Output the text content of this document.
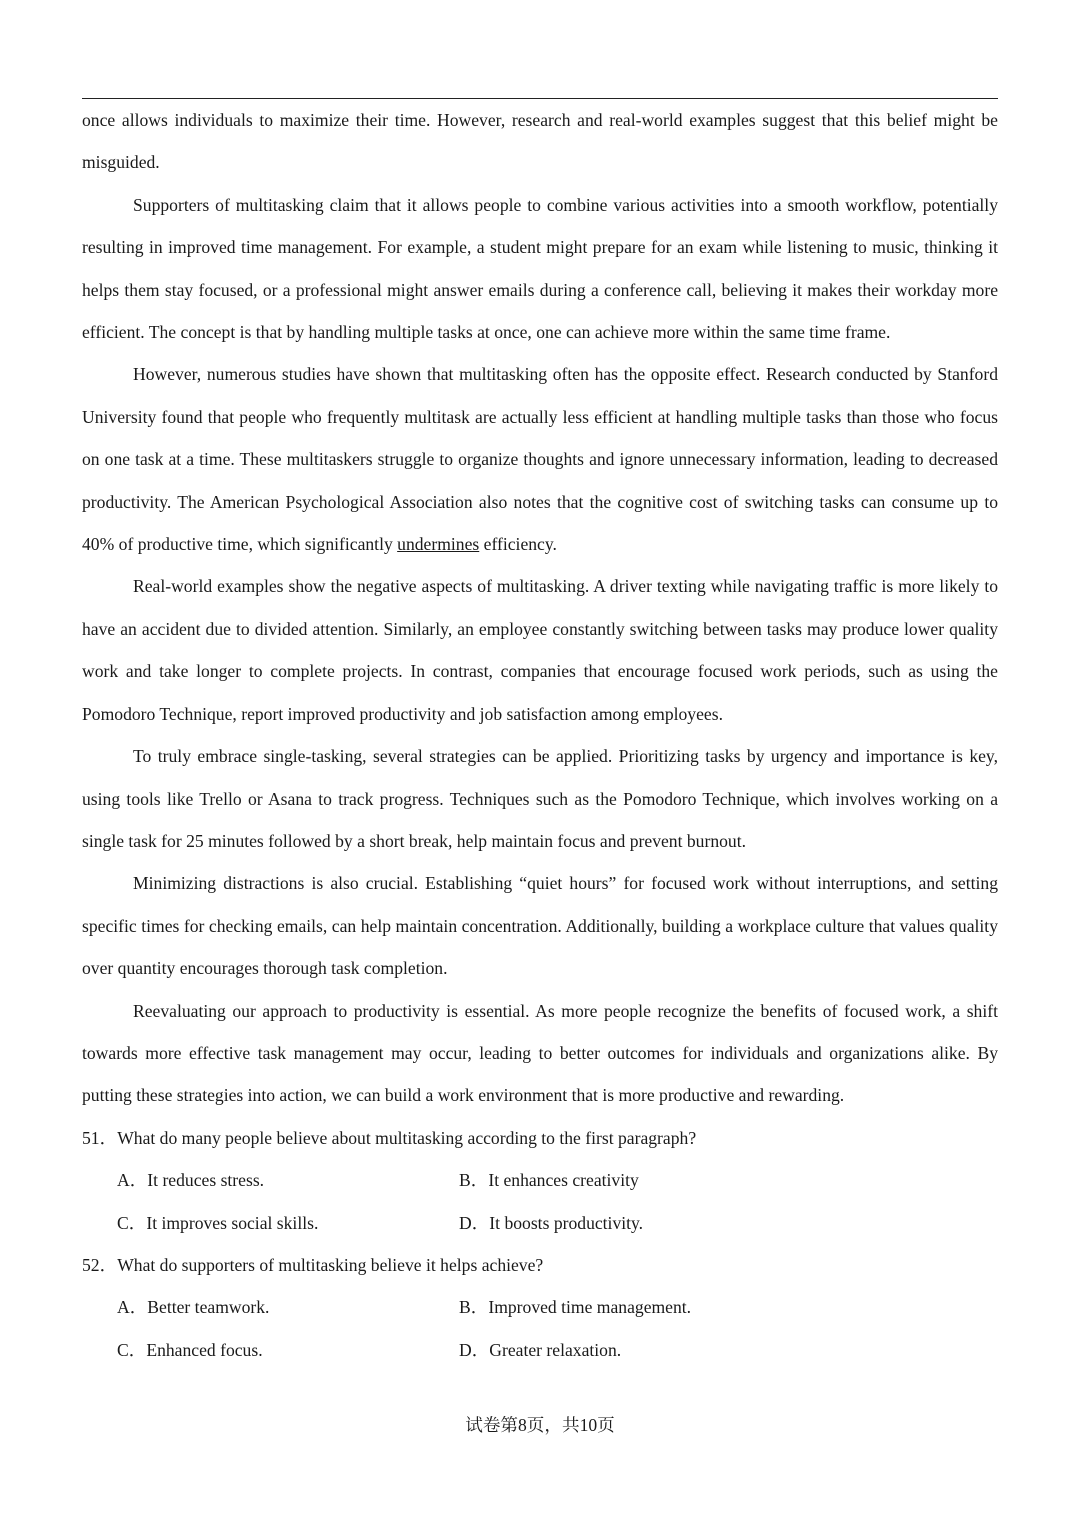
once allows individuals to maximize their time. However, research and real-world examples suggest that this belief might be misguided.

Supporters of multitasking claim that it allows people to combine various activities into a smooth workflow, potentially resulting in improved time management. For example, a student might prepare for an exam while listening to music, thinking it helps them stay focused, or a professional might answer emails during a conference call, believing it makes their workday more efficient. The concept is that by handling multiple tasks at once, one can achieve more within the same time frame.

However, numerous studies have shown that multitasking often has the opposite effect. Research conducted by Stanford University found that people who frequently multitask are actually less efficient at handling multiple tasks than those who focus on one task at a time. These multitaskers struggle to organize thoughts and ignore unnecessary information, leading to decreased productivity. The American Psychological Association also notes that the cognitive cost of switching tasks can consume up to 40% of productive time, which significantly undermines efficiency.

Real-world examples show the negative aspects of multitasking. A driver texting while navigating traffic is more likely to have an accident due to divided attention. Similarly, an employee constantly switching between tasks may produce lower quality work and take longer to complete projects. In contrast, companies that encourage focused work periods, such as using the Pomodoro Technique, report improved productivity and job satisfaction among employees.

To truly embrace single-tasking, several strategies can be applied. Prioritizing tasks by urgency and importance is key, using tools like Trello or Asana to track progress. Techniques such as the Pomodoro Technique, which involves working on a single task for 25 minutes followed by a short break, help maintain focus and prevent burnout.

Minimizing distractions is also crucial. Establishing “quiet hours” for focused work without interruptions, and setting specific times for checking emails, can help maintain concentration. Additionally, building a workplace culture that values quality over quantity encourages thorough task completion.

Reevaluating our approach to productivity is essential. As more people recognize the benefits of focused work, a shift towards more effective task management may occur, leading to better outcomes for individuals and organizations alike. By putting these strategies into action, we can build a work environment that is more productive and rewarding.

51．What do many people believe about multitasking according to the first paragraph?

A．It reduces stress.	B．It enhances creativity
C．It improves social skills.	D．It boosts productivity.

52．What do supporters of multitasking believe it helps achieve?

A．Better teamwork.	B．Improved time management.
C．Enhanced focus.	D．Greater relaxation.
试卷第8页，共10页
